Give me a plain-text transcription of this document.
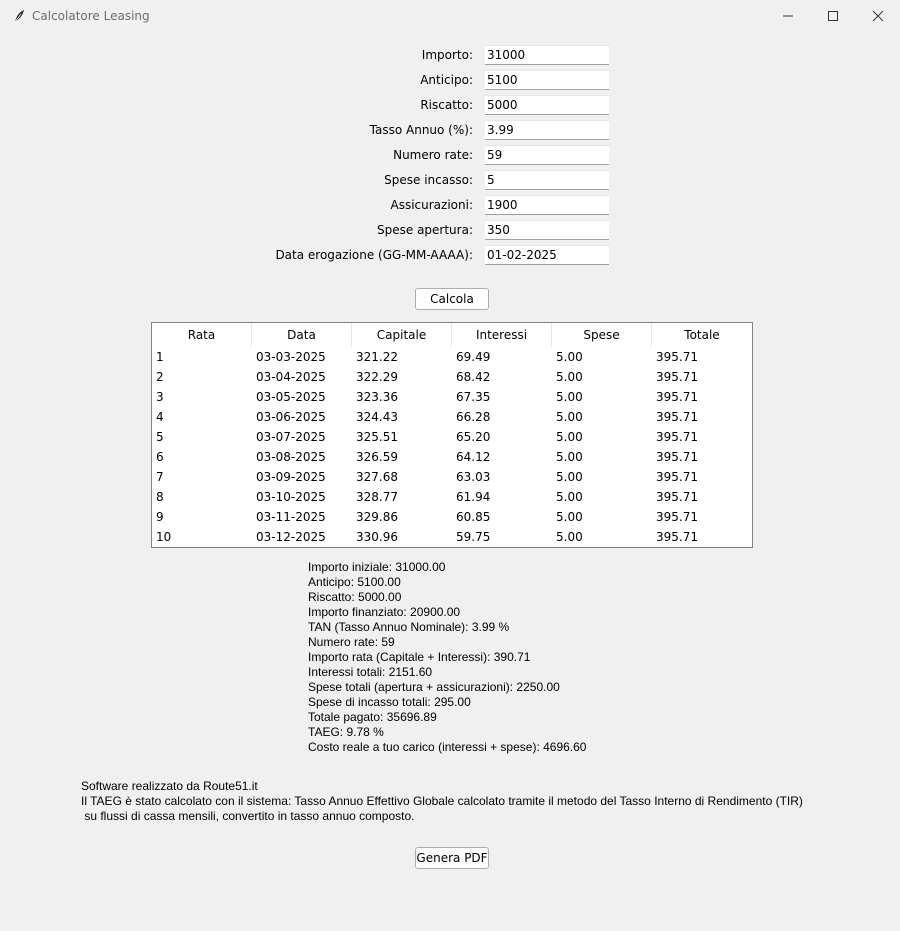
Calcolatore Leasing
Importo:
31000
Anticipo:
5100
Riscatto:
5000
Tasso Annuo (%):
3.99
Numero rate:
59
Spese incasso:
5
Assicurazioni:
1900
Spese apertura:
350
Data erogazione (GG-MM-AAAA):
01-02-2025
Calcola
Rata	Data	Capitale	Interessi	Spese	Totale
1	03-03-2025	321.22	69.49	5.00	395.71
2	03-04-2025	322.29	68.42	5.00	395.71
3	03-05-2025	323.36	67.35	5.00	395.71
4	03-06-2025	324.43	66.28	5.00	395.71
5	03-07-2025	325.51	65.20	5.00	395.71
6	03-08-2025	326.59	64.12	5.00	395.71
7	03-09-2025	327.68	63.03	5.00	395.71
8	03-10-2025	328.77	61.94	5.00	395.71
9	03-11-2025	329.86	60.85	5.00	395.71
10	03-12-2025	330.96	59.75	5.00	395.71
Importo iniziale: 31000.00
Anticipo: 5100.00
Riscatto: 5000.00
Importo finanziato: 20900.00
TAN (Tasso Annuo Nominale): 3.99 %
Numero rate: 59
Importo rata (Capitale + Interessi): 390.71
Interessi totali: 2151.60
Spese totali (apertura + assicurazioni): 2250.00
Spese di incasso totali: 295.00
Totale pagato: 35696.89
TAEG: 9.78 %
Costo reale a tuo carico (interessi + spese): 4696.60
Software realizzato da Route51.it
Il TAEG è stato calcolato con il sistema: Tasso Annuo Effettivo Globale calcolato tramite il metodo del Tasso Interno di Rendimento (TIR)
su flussi di cassa mensili, convertito in tasso annuo composto.
Genera PDF
